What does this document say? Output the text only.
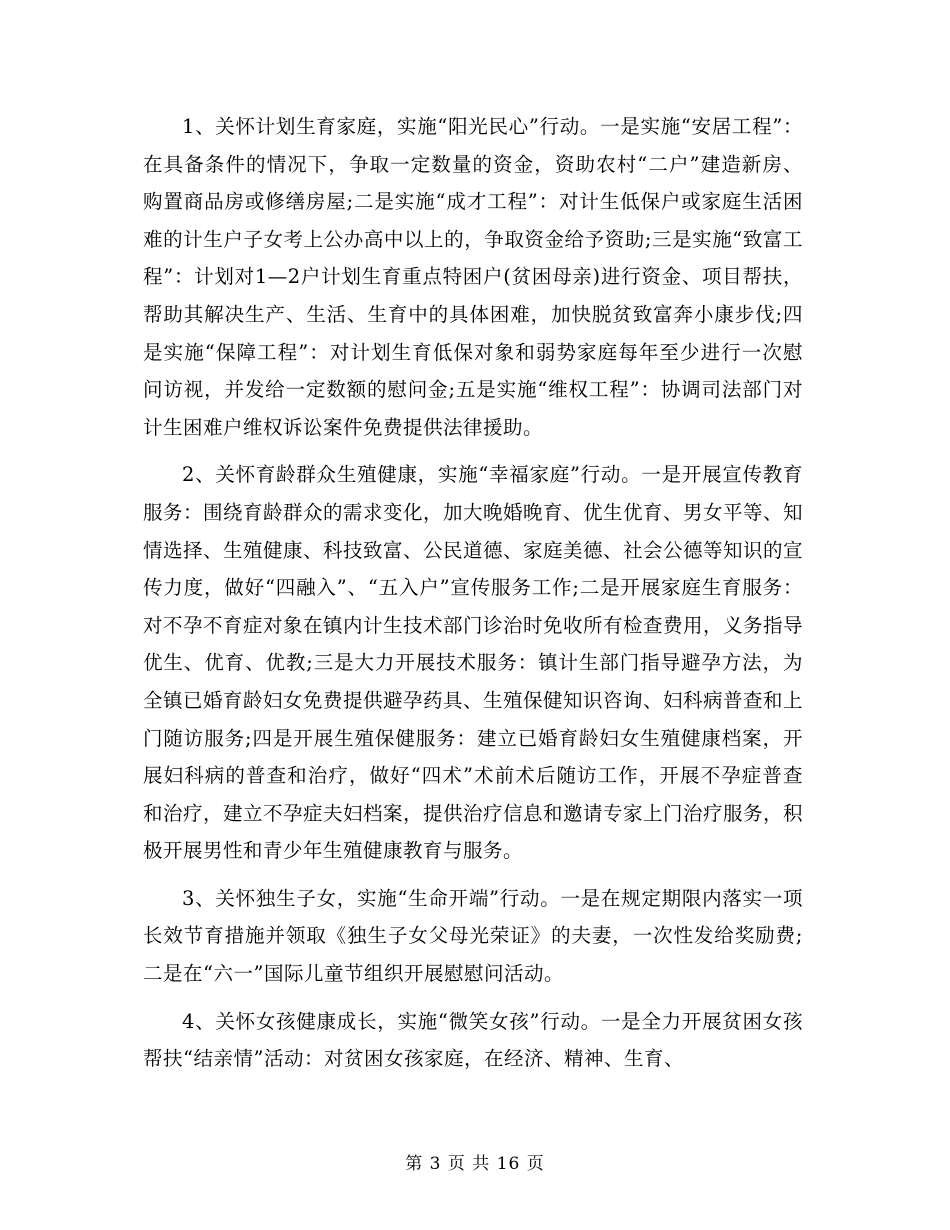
1、关怀计划生育家庭，实施“阳光民心”行动。一是实施“安居工程”：在具备条件的情况下，争取一定数量的资金，资助农村“二户”建造新房、购置商品房或修缮房屋;二是实施“成才工程”：对计生低保户或家庭生活困难的计生户子女考上公办高中以上的，争取资金给予资助;三是实施“致富工程”：计划对1—2户计划生育重点特困户(贫困母亲)进行资金、项目帮扶，帮助其解决生产、生活、生育中的具体困难，加快脱贫致富奔小康步伐;四是实施“保障工程”：对计划生育低保对象和弱势家庭每年至少进行一次慰问访视，并发给一定数额的慰问金;五是实施“维权工程”：协调司法部门对计生困难户维权诉讼案件免费提供法律援助。

2、关怀育龄群众生殖健康，实施“幸福家庭”行动。一是开展宣传教育服务：围绕育龄群众的需求变化，加大晚婚晚育、优生优育、男女平等、知情选择、生殖健康、科技致富、公民道德、家庭美德、社会公德等知识的宣传力度，做好“四融入”、“五入户”宣传服务工作;二是开展家庭生育服务：对不孕不育症对象在镇内计生技术部门诊治时免收所有检查费用，义务指导优生、优育、优教;三是大力开展技术服务：镇计生部门指导避孕方法，为全镇已婚育龄妇女免费提供避孕药具、生殖保健知识咨询、妇科病普查和上门随访服务;四是开展生殖保健服务：建立已婚育龄妇女生殖健康档案，开展妇科病的普查和治疗，做好“四术”术前术后随访工作，开展不孕症普查和治疗，建立不孕症夫妇档案，提供治疗信息和邀请专家上门治疗服务，积极开展男性和青少年生殖健康教育与服务。

3、关怀独生子女，实施“生命开端”行动。一是在规定期限内落实一项长效节育措施并领取《独生子女父母光荣证》的夫妻，一次性发给奖励费;二是在“六一”国际儿童节组织开展慰慰问活动。

4、关怀女孩健康成长，实施“微笑女孩”行动。一是全力开展贫困女孩帮扶“结亲情”活动：对贫困女孩家庭，在经济、精神、生育、

第 3 页 共 16 页
